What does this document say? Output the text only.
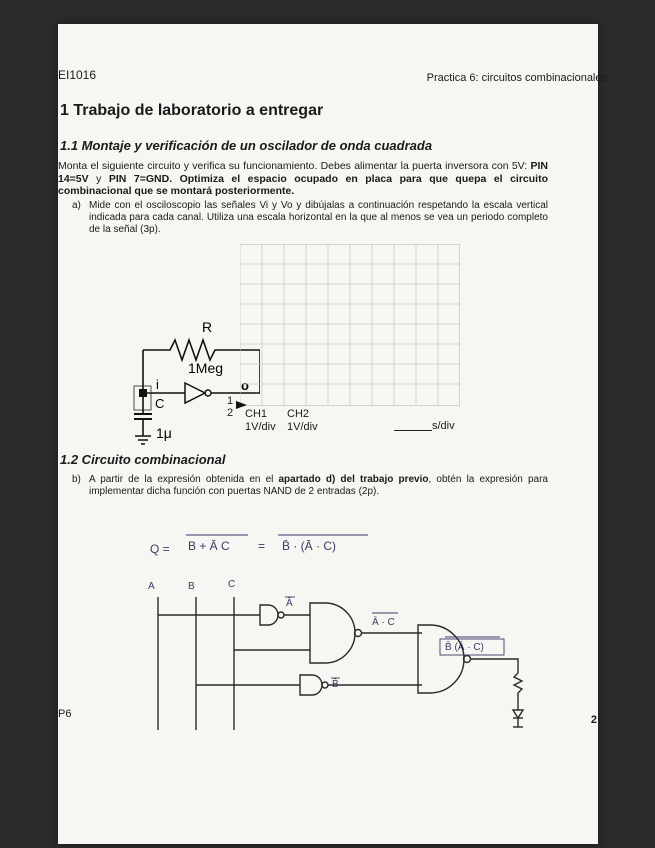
EI1016	Practica 6: circuitos combinacionales
1 Trabajo de laboratorio a entregar
1.1 Montaje y verificación de un oscilador de onda cuadrada
Monta el siguiente circuito y verifica su funcionamiento. Debes alimentar la puerta inversora con 5V: PIN 14=5V y PIN 7=GND. Optimiza el espacio ocupado en placa para que quepa el circuito combinacional que se montará posteriormente.
a) Mide con el osciloscopio las señales Vi y Vo y dibújalas a continuación respetando la escala vertical indicada para cada canal. Utiliza una escala horizontal en la que al menos se vea un periodo completo de la señal (3p).
R
1Meg
i	o
C
1μ
1
2 CH1
1V/div
CH2
1V/div	s/div
1.2 Circuito combinacional
b) A partir de la expresión obtenida en el apartado d) del trabajo previo, obtén la expresión para implementar dicha función con puertas NAND de 2 entradas (2p).
Q = B + Ā C = B̄ · (Ā · C)
A	B	C
Ā
Ā · C
B̄
B̄ (Ā · C)
P6	2
